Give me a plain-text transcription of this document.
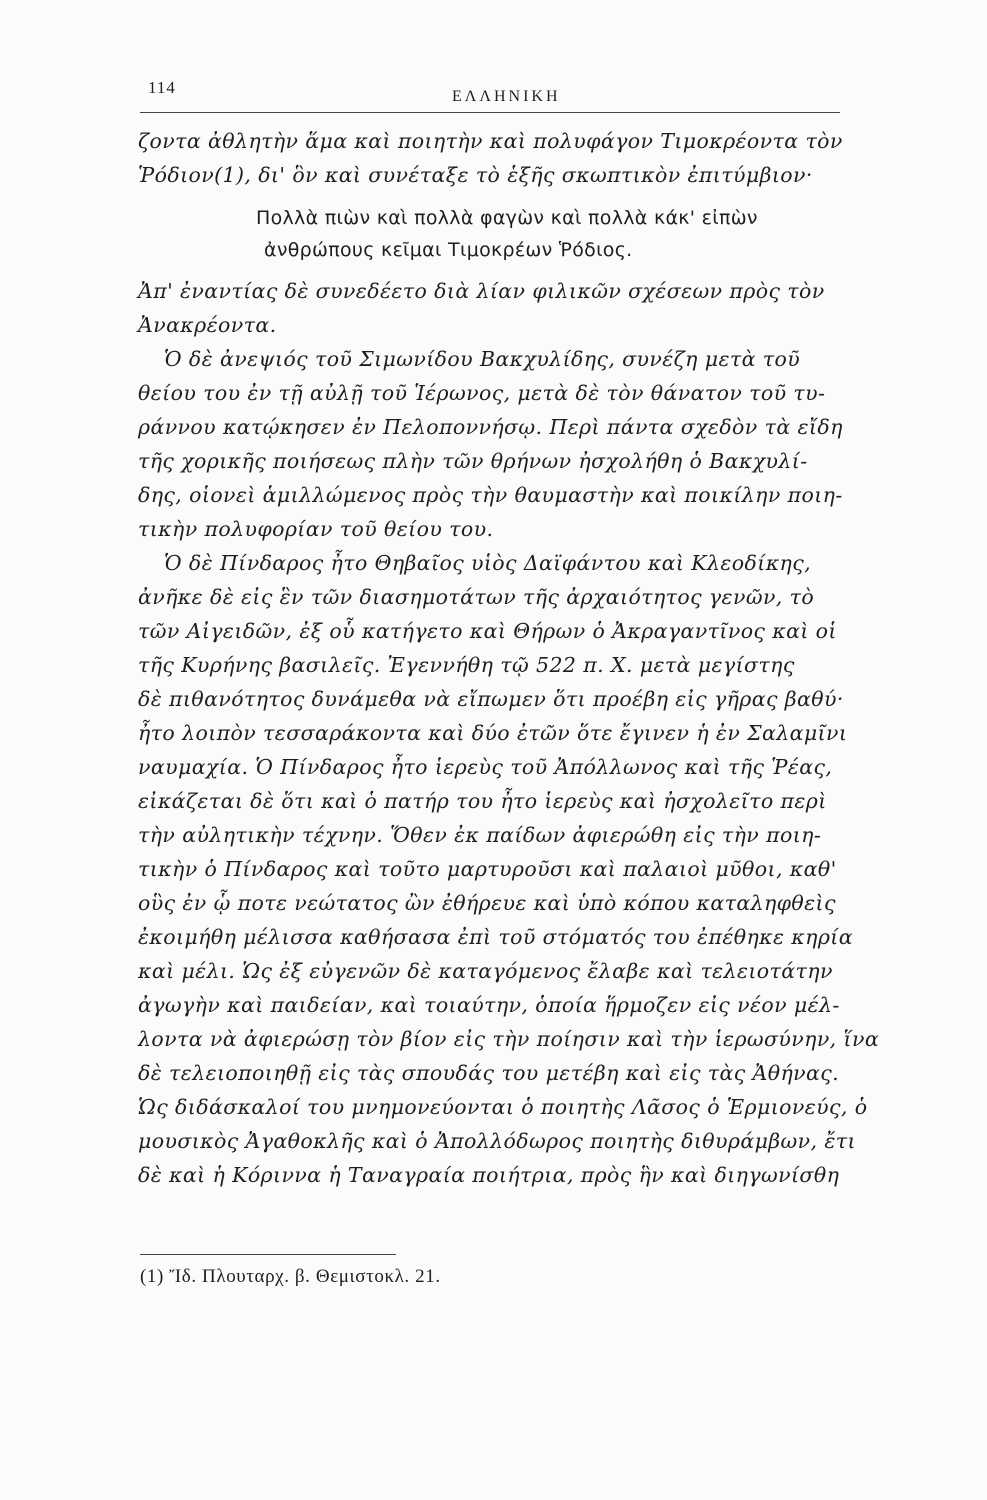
114	ΕΛΛΗΝΙΚΗ
ζοντα ἀθλητὴν ἅμα καὶ ποιητὴν καὶ πολυφάγον Τιμοκρέοντα τὸν
Ῥόδιον(1), δι' ὃν καὶ συνέταξε τὸ ἑξῆς σκωπτικὸν ἐπιτύμβιον·
Πολλὰ πιὼν καὶ πολλὰ φαγὼν καὶ πολλὰ κάκ' εἰπὼν
ἀνθρώπους κεῖμαι Τιμοκρέων Ῥόδιος.
Ἀπ' ἐναντίας δὲ συνεδέετο διὰ λίαν φιλικῶν σχέσεων πρὸς τὸν
Ἀνακρέοντα.
Ὁ δὲ ἀνεψιός τοῦ Σιμωνίδου Βακχυλίδης, συνέζη μετὰ τοῦ
θείου του ἐν τῇ αὐλῇ τοῦ Ἱέρωνος, μετὰ δὲ τὸν θάνατον τοῦ τυ-
ράννου κατῴκησεν ἐν Πελοποννήσῳ. Περὶ πάντα σχεδὸν τὰ εἴδη
τῆς χορικῆς ποιήσεως πλὴν τῶν θρήνων ἠσχολήθη ὁ Βακχυλί-
δης, οἱονεὶ ἁμιλλώμενος πρὸς τὴν θαυμαστὴν καὶ ποικίλην ποιη-
τικὴν πολυφορίαν τοῦ θείου του.
Ὁ δὲ Πίνδαρος ἦτο Θηβαῖος υἱὸς Δαϊφάντου καὶ Κλεοδίκης,
ἀνῆκε δὲ εἰς ἓν τῶν διασημοτάτων τῆς ἀρχαιότητος γενῶν, τὸ
τῶν Αἰγειδῶν, ἐξ οὗ κατήγετο καὶ Θήρων ὁ Ἀκραγαντῖνος καὶ οἱ
τῆς Κυρήνης βασιλεῖς. Ἐγεννήθη τῷ 522 π. Χ. μετὰ μεγίστης
δὲ πιθανότητος δυνάμεθα νὰ εἴπωμεν ὅτι προέβη εἰς γῆρας βαθύ·
ἦτο λοιπὸν τεσσαράκοντα καὶ δύο ἐτῶν ὅτε ἔγινεν ἡ ἐν Σαλαμῖνι
ναυμαχία. Ὁ Πίνδαρος ἦτο ἱερεὺς τοῦ Ἀπόλλωνος καὶ τῆς Ῥέας,
εἰκάζεται δὲ ὅτι καὶ ὁ πατήρ του ἦτο ἱερεὺς καὶ ἠσχολεῖτο περὶ
τὴν αὐλητικὴν τέχνην. Ὅθεν ἐκ παίδων ἀφιερώθη εἰς τὴν ποιη-
τικὴν ὁ Πίνδαρος καὶ τοῦτο μαρτυροῦσι καὶ παλαιοὶ μῦθοι, καθ'
οὓς ἐν ᾧ ποτε νεώτατος ὢν ἐθήρευε καὶ ὑπὸ κόπου καταληφθεὶς
ἐκοιμήθη μέλισσα καθήσασα ἐπὶ τοῦ στόματός του ἐπέθηκε κηρία
καὶ μέλι. Ὡς ἐξ εὐγενῶν δὲ καταγόμενος ἔλαβε καὶ τελειοτάτην
ἀγωγὴν καὶ παιδείαν, καὶ τοιαύτην, ὁποία ἥρμοζεν εἰς νέον μέλ-
λοντα νὰ ἀφιερώσῃ τὸν βίον εἰς τὴν ποίησιν καὶ τὴν ἱερωσύνην, ἵνα
δὲ τελειοποιηθῇ εἰς τὰς σπουδάς του μετέβη καὶ εἰς τὰς Ἀθήνας.
Ὡς διδάσκαλοί του μνημονεύονται ὁ ποιητὴς Λᾶσος ὁ Ἑρμιονεύς, ὁ
μουσικὸς Ἀγαθοκλῆς καὶ ὁ Ἀπολλόδωρος ποιητὴς διθυράμβων, ἔτι
δὲ καὶ ἡ Κόριννα ἡ Ταναγραία ποιήτρια, πρὸς ἣν καὶ διηγωνίσθη
(1) Ἴδ. Πλουταρχ. β. Θεμιστοκλ. 21.
